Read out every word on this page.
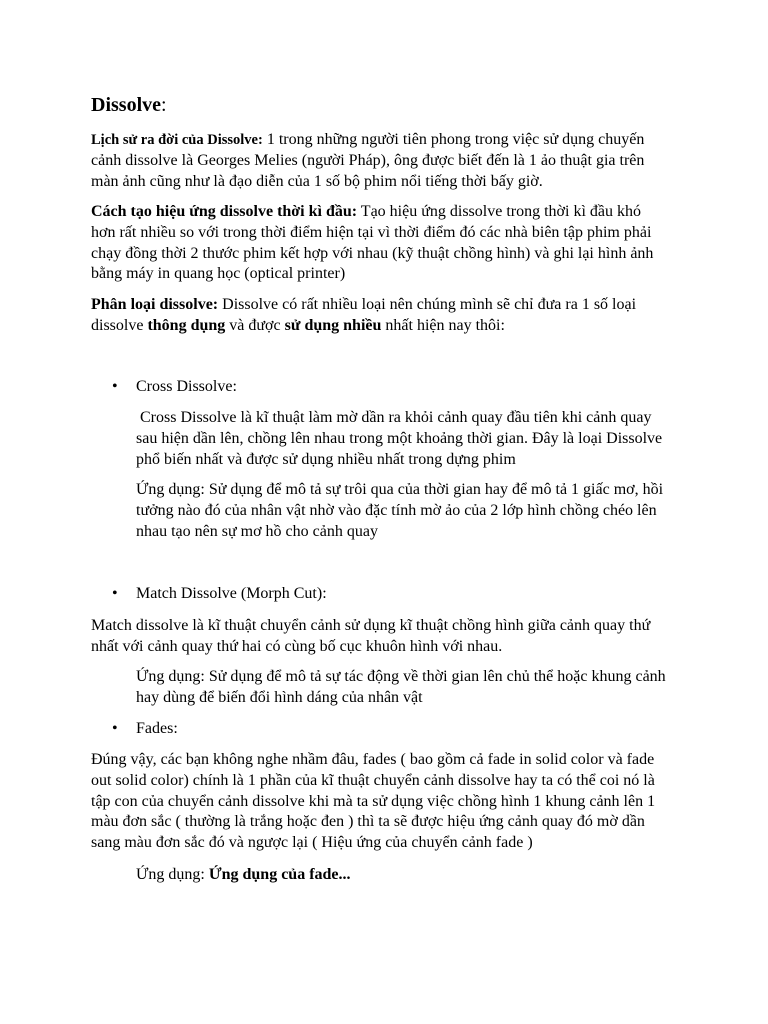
Dissolve:
Lịch sử ra đời của Dissolve: 1 trong những người tiên phong trong việc sử dụng chuyến
cảnh dissolve là Georges Melies (người Pháp), ông được biết đến là 1 ảo thuật gia trên
màn ảnh cũng như là đạo diễn của 1 số bộ phim nổi tiếng thời bấy giờ.
Cách tạo hiệu ứng dissolve thời kì đầu: Tạo hiệu ứng dissolve trong thời kì đầu khó
hơn rất nhiều so với trong thời điểm hiện tại vì thời điểm đó các nhà biên tập phim phải
chạy đồng thời 2 thước phim kết hợp với nhau (kỹ thuật chồng hình) và ghi lại hình ảnh
bằng máy in quang học (optical printer)
Phân loại dissolve: Dissolve có rất nhiều loại nên chúng mình sẽ chỉ đưa ra 1 số loại
dissolve thông dụng và được sử dụng nhiều nhất hiện nay thôi:
• Cross Dissolve:
Cross Dissolve là kĩ thuật làm mờ dần ra khỏi cảnh quay đầu tiên khi cảnh quay
sau hiện dần lên, chồng lên nhau trong một khoảng thời gian. Đây là loại Dissolve
phổ biến nhất và được sử dụng nhiều nhất trong dựng phim
Ứng dụng: Sử dụng để mô tả sự trôi qua của thời gian hay để mô tả 1 giấc mơ, hồi
tưởng nào đó của nhân vật nhờ vào đặc tính mờ ảo của 2 lớp hình chồng chéo lên
nhau tạo nên sự mơ hồ cho cảnh quay
• Match Dissolve (Morph Cut):
Match dissolve là kĩ thuật chuyển cảnh sử dụng kĩ thuật chồng hình giữa cảnh quay thứ
nhất với cảnh quay thứ hai có cùng bố cục khuôn hình với nhau.
Ứng dụng: Sử dụng để mô tả sự tác động về thời gian lên chủ thể hoặc khung cảnh
hay dùng để biến đổi hình dáng của nhân vật
• Fades:
Đúng vậy, các bạn không nghe nhầm đâu, fades ( bao gồm cả fade in solid color và fade
out solid color) chính là 1 phần của kĩ thuật chuyển cảnh dissolve hay ta có thể coi nó là
tập con của chuyển cảnh dissolve khi mà ta sử dụng việc chồng hình 1 khung cảnh lên 1
màu đơn sắc ( thường là trắng hoặc đen ) thì ta sẽ được hiệu ứng cảnh quay đó mờ dần
sang màu đơn sắc đó và ngược lại ( Hiệu ứng của chuyển cảnh fade )
Ứng dụng: Ứng dụng của fade...
